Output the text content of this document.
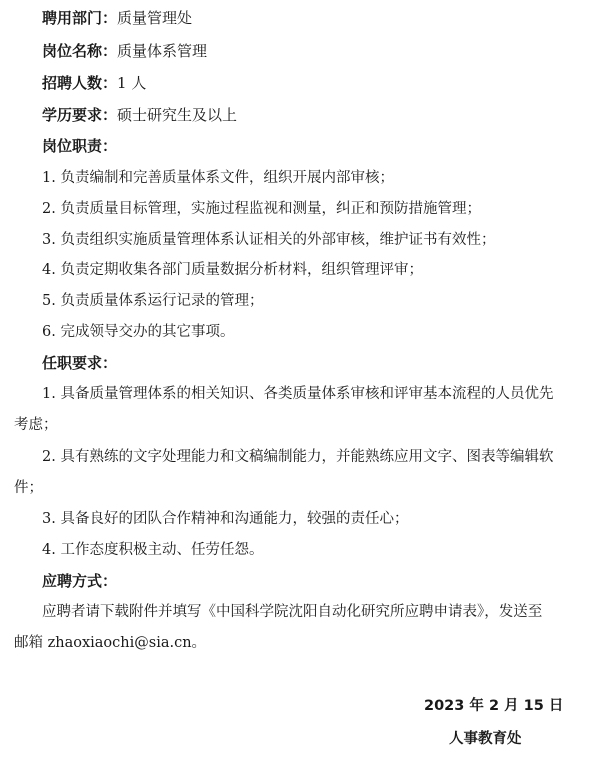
聘用部门：质量管理处
岗位名称：质量体系管理
招聘人数：1 人
学历要求：硕士研究生及以上
岗位职责：
1. 负责编制和完善质量体系文件，组织开展内部审核；
2. 负责质量目标管理，实施过程监视和测量，纠正和预防措施管理；
3. 负责组织实施质量管理体系认证相关的外部审核，维护证书有效性；
4. 负责定期收集各部门质量数据分析材料，组织管理评审；
5. 负责质量体系运行记录的管理；
6. 完成领导交办的其它事项。
任职要求：
1. 具备质量管理体系的相关知识、各类质量体系审核和评审基本流程的人员优先
考虑；
2. 具有熟练的文字处理能力和文稿编制能力，并能熟练应用文字、图表等编辑软
件；
3. 具备良好的团队合作精神和沟通能力，较强的责任心；
4. 工作态度积极主动、任劳任怨。
应聘方式：
应聘者请下载附件并填写《中国科学院沈阳自动化研究所应聘申请表》，发送至
邮箱 zhaoxiaochi@sia.cn。
2023 年 2 月 15 日
人事教育处
